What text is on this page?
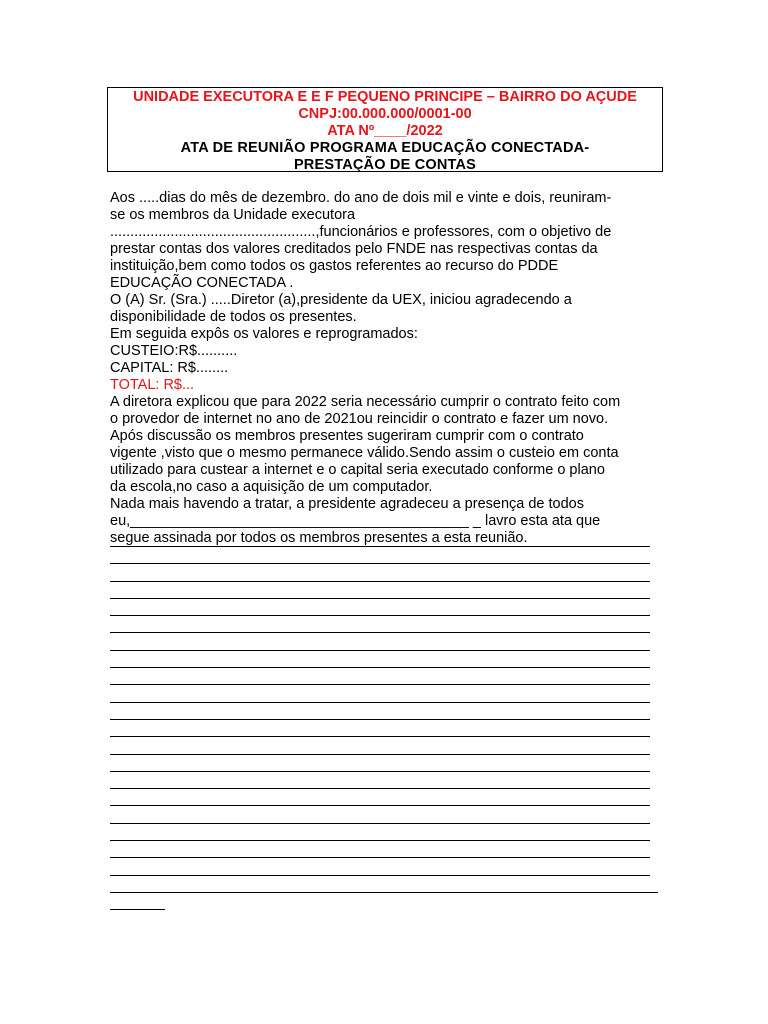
UNIDADE EXECUTORA E E F PEQUENO PRINCIPE – BAIRRO DO AÇUDE
CNPJ:00.000.000/0001-00
ATA Nº____/2022
ATA DE REUNIÃO PROGRAMA EDUCAÇÃO CONECTADA-
PRESTAÇÃO DE CONTAS
Aos .....dias do mês de dezembro. do ano de dois mil e vinte e dois, reuniram-
se os membros da Unidade executora
...................................................,funcionários e professores, com o objetivo de
prestar contas dos valores creditados pelo FNDE nas respectivas contas da
instituição,bem como todos os gastos referentes ao recurso do PDDE
EDUCAÇÃO CONECTADA .
O (A) Sr. (Sra.) .....Diretor (a),presidente da UEX, iniciou agradecendo a
disponibilidade de todos os presentes.
Em seguida expôs os valores e reprogramados:
CUSTEIO:R$..........
CAPITAL: R$........
TOTAL: R$...
A diretora explicou que para 2022 seria necessário cumprir o contrato feito com
o provedor de internet no ano de 2021ou reincidir o contrato e fazer um novo.
Após discussão os membros presentes sugeriram cumprir com o contrato
vigente ,visto que o mesmo permanece válido.Sendo assim o custeio em conta
utilizado para custear a internet e o capital seria executado conforme o plano
da escola,no caso a aquisição de um computador.
Nada mais havendo a tratar, a presidente agradeceu a presença de todos
eu,__________________________________________ _ lavro esta ata que
segue assinada por todos os membros presentes a esta reunião.
